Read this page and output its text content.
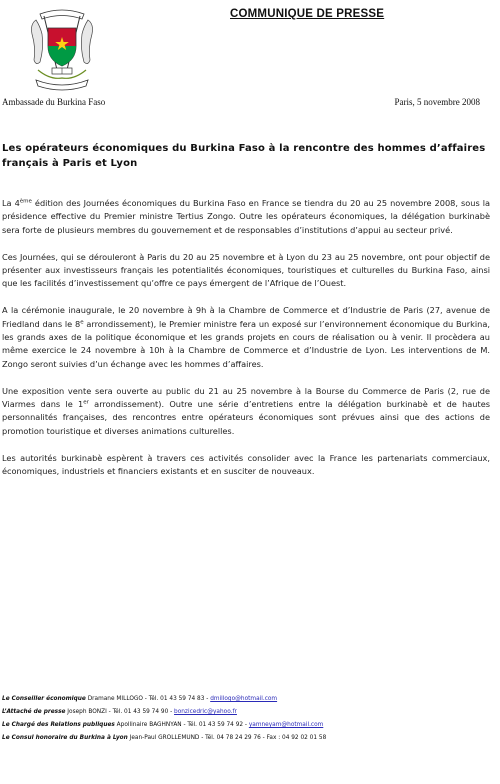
COMMUNIQUE DE PRESSE
Ambassade du Burkina Faso	Paris, 5 novembre 2008
Les opérateurs économiques du Burkina Faso à la rencontre des hommes d’affaires français à Paris et Lyon

La 4ème édition des Journées économiques du Burkina Faso en France se tiendra du 20 au 25 novembre 2008, sous la présidence effective du Premier ministre Tertius Zongo. Outre les opérateurs économiques, la délégation burkinabè sera forte de plusieurs membres du gouvernement et de responsables d’institutions d’appui au secteur privé.

Ces Journées, qui se dérouleront à Paris du 20 au 25 novembre et à Lyon du 23 au 25 novembre, ont pour objectif de présenter aux investisseurs français les potentialités économiques, touristiques et culturelles du Burkina Faso, ainsi que les facilités d’investissement qu’offre ce pays émergent de l’Afrique de l’Ouest.

A la cérémonie inaugurale, le 20 novembre à 9h à la Chambre de Commerce et d’Industrie de Paris (27, avenue de Friedland dans le 8e arrondissement), le Premier ministre fera un exposé sur l’environnement économique du Burkina, les grands axes de la politique économique et les grands projets en cours de réalisation ou à venir. Il procèdera au même exercice le 24 novembre à 10h à la Chambre de Commerce et d’Industrie de Lyon. Les interventions de M. Zongo seront suivies d’un échange avec les hommes d’affaires.

Une exposition vente sera ouverte au public du 21 au 25 novembre à la Bourse du Commerce de Paris (2, rue de Viarmes dans le 1er arrondissement). Outre une série d’entretiens entre la délégation burkinabè et de hautes personnalités françaises, des rencontres entre opérateurs économiques sont prévues ainsi que des actions de promotion touristique et diverses animations culturelles.

Les autorités burkinabè espèrent à travers ces activités consolider avec la France les partenariats commerciaux, économiques, industriels et financiers existants et en susciter de nouveaux.

Le Conseiller économique Dramane MILLOGO - Tél. 01 43 59 74 83 - dmillogo@hotmail.com
L’Attaché de presse Joseph BONZI - Tél. 01 43 59 74 90 - bonzicedric@yahoo.fr
Le Chargé des Relations publiques Apollinaire BAGHNYAN - Tél. 01 43 59 74 92 - yamneyam@hotmail.com
Le Consul honoraire du Burkina à Lyon Jean-Paul GROLLEMUND - Tél. 04 78 24 29 76 - Fax : 04 92 02 01 58
